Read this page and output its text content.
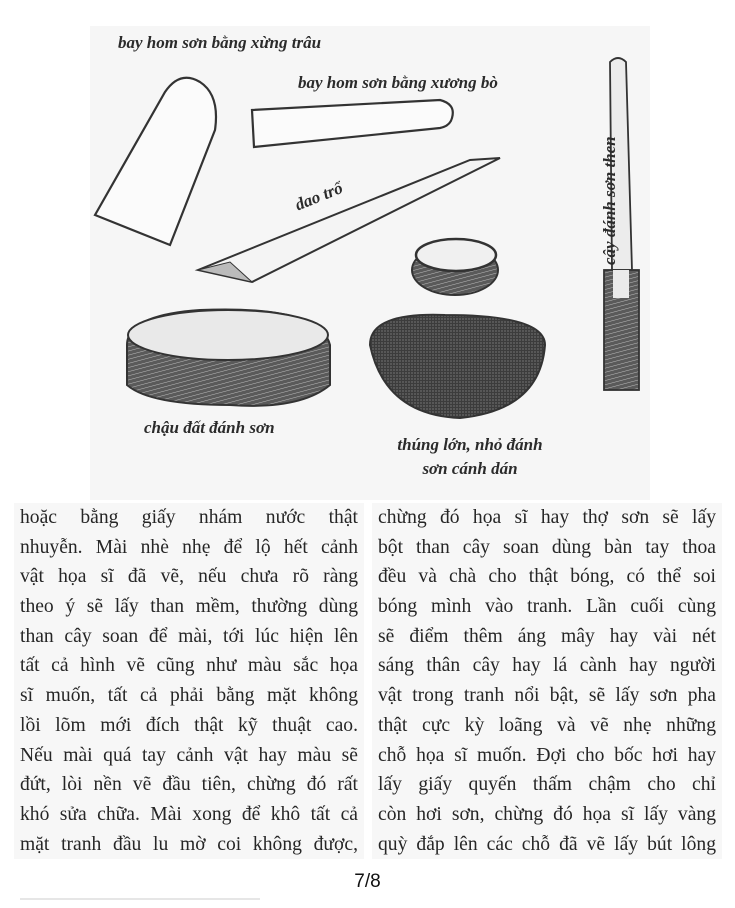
bay hom sơn bằng xừng trâu
bay hom sơn bằng xương bò
dao trổ	cây đánh sơn then
chậu đất đánh sơn
thúng lớn, nhỏ đánh
sơn cánh dán
hoặc bằng giấy nhám nước thật
nhuyễn. Mài nhè nhẹ để lộ hết cảnh
vật họa sĩ đã vẽ, nếu chưa rõ ràng
theo ý sẽ lấy than mềm, thường dùng
than cây soan để mài, tới lúc hiện lên
tất cả hình vẽ cũng như màu sắc họa
sĩ muốn, tất cả phải bằng mặt không
lồi lõm mới đích thật kỹ thuật cao.
Nếu mài quá tay cảnh vật hay màu sẽ
đứt, lòi nền vẽ đầu tiên, chừng đó rất
khó sửa chữa. Mài xong để khô tất cả
mặt tranh đầu lu mờ coi không được,
chừng đó họa sĩ hay thợ sơn sẽ lấy
bột than cây soan dùng bàn tay thoa
đều và chà cho thật bóng, có thể soi
bóng mình vào tranh. Lần cuối cùng
sẽ điểm thêm áng mây hay vài nét
sáng thân cây hay lá cành hay người
vật trong tranh nổi bật, sẽ lấy sơn pha
thật cực kỳ loãng và vẽ nhẹ những
chỗ họa sĩ muốn. Đợi cho bốc hơi hay
lấy giấy quyến thấm chậm cho chỉ
còn hơi sơn, chừng đó họa sĩ lấy vàng
quỳ đắp lên các chỗ đã vẽ lấy bút lông
7/8
